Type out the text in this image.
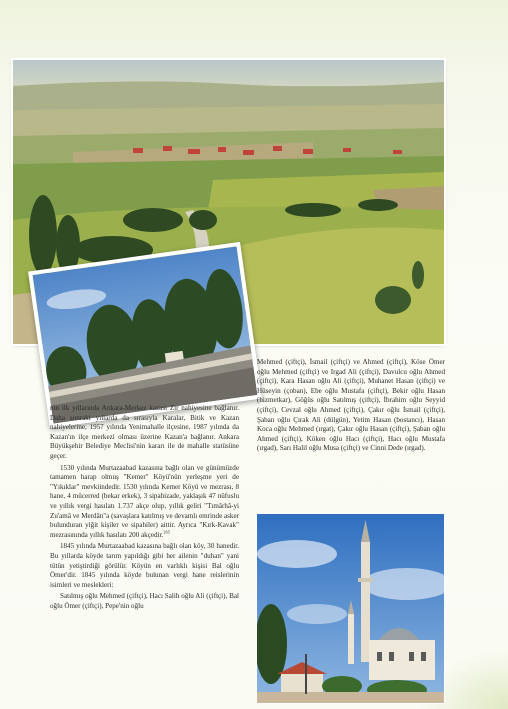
nin ilk yıllarında Ankara-Merkez kazası Zir nahiyesine bağlanır. Daha sonraki yıllarda da sırasıyla Karalar, Bitik ve Kazan nahiyelerine, 1957 yılında Yenimahalle ilçesine, 1987 yılında da Kazan'ın ilçe merkezi olması üzerine Kazan'a bağlanır. Ankara Büyükşehir Belediye Meclisi'nin kararı ile de mahalle statüsüne geçer.

1530 yılında Murtazaabad kazasına bağlı olan ve günümüzde tamamen harap olmuş "Kemer" Köyü'nün yerleşme yeri de "Yıkıklar" mevkiindedir. 1530 yılında Kemer Köyü ve mezrası, 8 hane, 4 mücerred (bekar erkek), 3 sipahizade, yaklaşık 47 nüfuslu ve yıllık vergi hasılatı 1.737 akçe olup, yıllık geliri "Tımârhâ-yi Zu'amâ ve Merdân"a (savaşlara katılmış ve devamlı emrinde asker bulunduran yiğit kişiler ve sipahiler) aittir. Ayrıca "Kırk-Kavak" mezrasınında yıllık hasılatı 200 akçedir.$^{265}$

1845 yılında Murtazaabad kazasına bağlı olan köy, 30 hanedir. Bu yıllarda köyde tarım yapıldığı gibi her ailenin "duhan" yani tütün yetiştirdiği görülür. Köyün en varlıklı kişisi Bal oğlu Ömer'dir. 1845 yılında köyde bulunan vergi hane reislerinin isimleri ve meslekleri:

Satılmış oğlu Mehmed (çiftçi), Hacı Salih oğlu Ali (çiftçi), Bal oğlu Ömer (çiftçi), Pepe'nin oğlu

Mehmed (çiftçi), İsmail (çiftçi) ve Ahmed (çiftçi), Köse Ömer oğlu Mehmed (çiftçi) ve Irgad Ali (çiftçi), Davulcu oğlu Ahmed (çiftçi), Kara Hasan oğlu Ali (çiftçi), Muhanet Hasan (çiftçi) ve Hüseyin (çoban), Ebe oğlu Mustafa (çiftçi), Bekir oğlu Hasan (hizmetkar), Göğüs oğlu Satılmış (çiftçi), İbrahim oğlu Seyyid (çiftçi), Cevzal oğlu Ahmed (çiftçi), Çakır oğlu İsmail (çiftçi), Şaban oğlu Çırak Ali (dülgün), Yetim Hasan (bostancı), Hasan Koca oğlu Mehmed (ırgat), Çakır oğlu Hasan (çiftçi), Şaban oğlu Ahmed (çiftçi), Köken oğlu Hacı (çiftçi), Hacı oğlu Mustafa (ırgad), Sarı Halil oğlu Musa (çiftçi) ve Cinni Dede (ırgad).
